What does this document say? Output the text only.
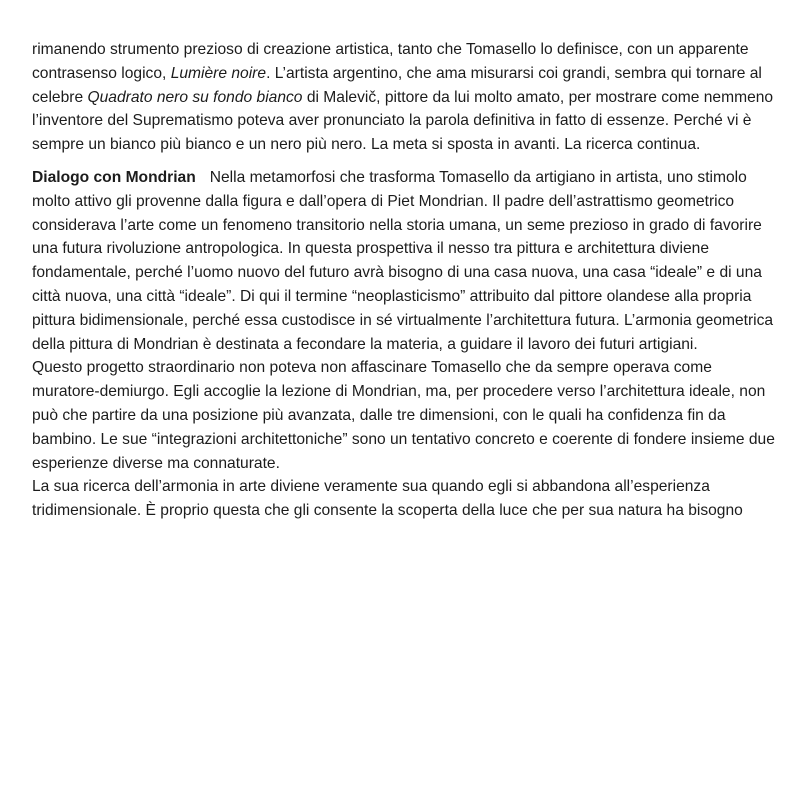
rimanendo strumento prezioso di creazione artistica, tanto che Tomasello lo definisce, con un apparente contrasenso logico, Lumière noire. L’artista argentino, che ama misurarsi coi grandi, sembra qui tornare al celebre Quadrato nero su fondo bianco di Malevič, pittore da lui molto amato, per mostrare come nemmeno l’inventore del Suprematismo poteva aver pronunciato la parola definitiva in fatto di essenze. Perché vi è sempre un bianco più bianco e un nero più nero. La meta si sposta in avanti. La ricerca continua.

Dialogo con Mondrian Nella metamorfosi che trasforma Tomasello da artigiano in artista, uno stimolo molto attivo gli provenne dalla figura e dall’opera di Piet Mondrian. Il padre dell’astrattismo geometrico considerava l’arte come un fenomeno transitorio nella storia umana, un seme prezioso in grado di favorire una futura rivoluzione antropologica. In questa prospettiva il nesso tra pittura e architettura diviene fondamentale, perché l’uomo nuovo del futuro avrà bisogno di una casa nuova, una casa “ideale” e di una città nuova, una città “ideale”. Di qui il termine “neoplasticismo” attribuito dal pittore olandese alla propria pittura bidimensionale, perché essa custodisce in sé virtualmente l’architettura futura. L’armonia geometrica della pittura di Mondrian è destinata a fecondare la materia, a guidare il lavoro dei futuri artigiani.

Questo progetto straordinario non poteva non affascinare Tomasello che da sempre operava come muratore-demiurgo. Egli accoglie la lezione di Mondrian, ma, per procedere verso l’architettura ideale, non può che partire da una posizione più avanzata, dalle tre dimensioni, con le quali ha confidenza fin da bambino. Le sue “integrazioni architettoniche” sono un tentativo concreto e coerente di fondere insieme due esperienze diverse ma connaturate.

La sua ricerca dell’armonia in arte diviene veramente sua quando egli si abbandona all’esperienza tridimensionale. È proprio questa che gli consente la scoperta della luce che per sua natura ha bisogno
